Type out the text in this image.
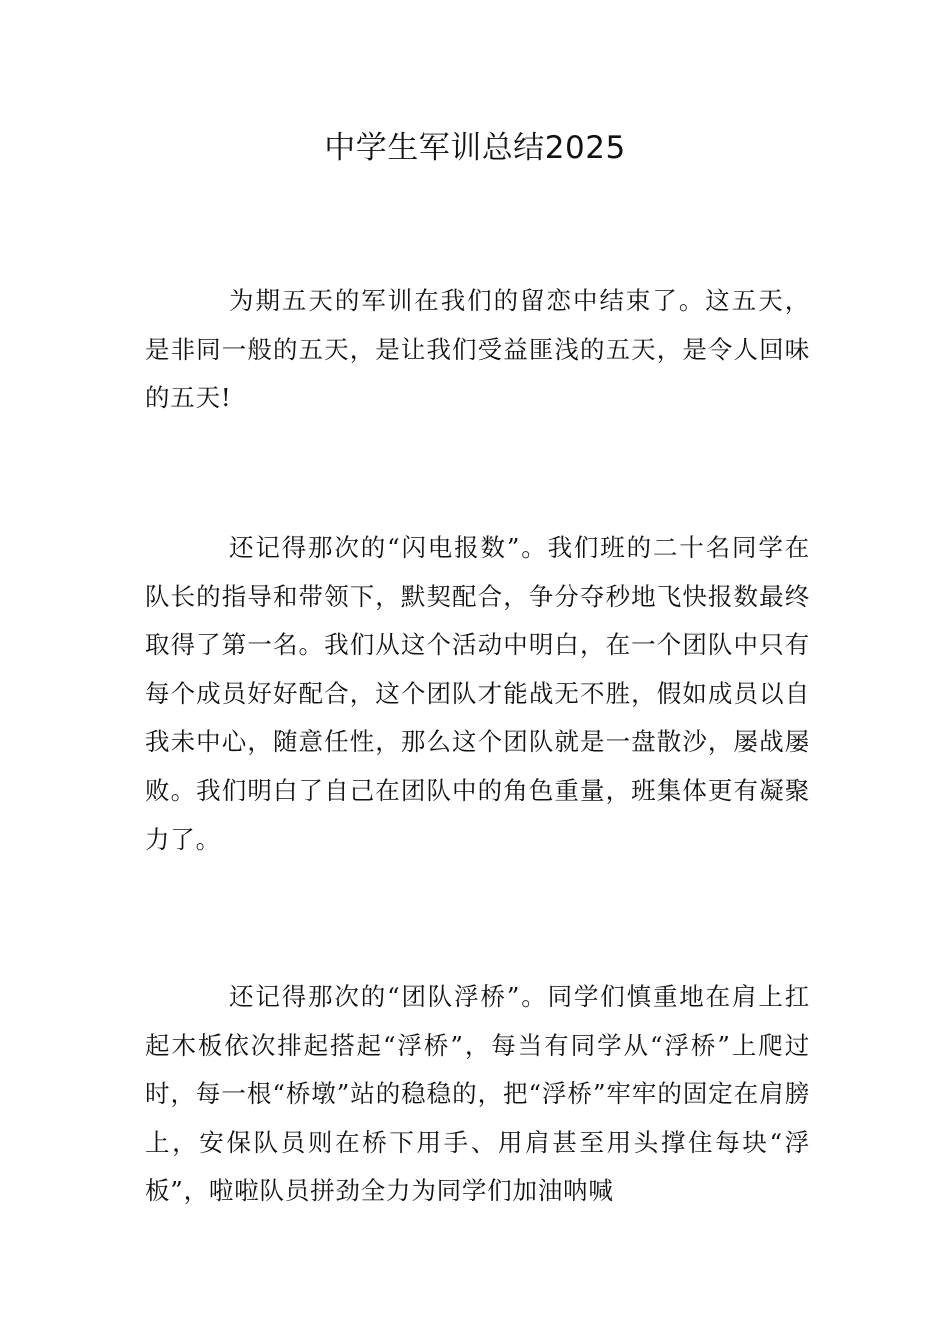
中学生军训总结2025

为期五天的军训在我们的留恋中结束了。这五天，是非同一般的五天，是让我们受益匪浅的五天，是令人回味的五天!

还记得那次的“闪电报数”。我们班的二十名同学在队长的指导和带领下，默契配合，争分夺秒地飞快报数最终取得了第一名。我们从这个活动中明白，在一个团队中只有每个成员好好配合，这个团队才能战无不胜，假如成员以自我未中心，随意任性，那么这个团队就是一盘散沙，屡战屡败。我们明白了自己在团队中的角色重量，班集体更有凝聚力了。

还记得那次的“团队浮桥”。同学们慎重地在肩上扛起木板依次排起搭起“浮桥”，每当有同学从“浮桥”上爬过时，每一根“桥墩”站的稳稳的，把“浮桥”牢牢的固定在肩膀上，安保队员则在桥下用手、用肩甚至用头撑住每块“浮板”，啦啦队员拼劲全力为同学们加油呐喊
